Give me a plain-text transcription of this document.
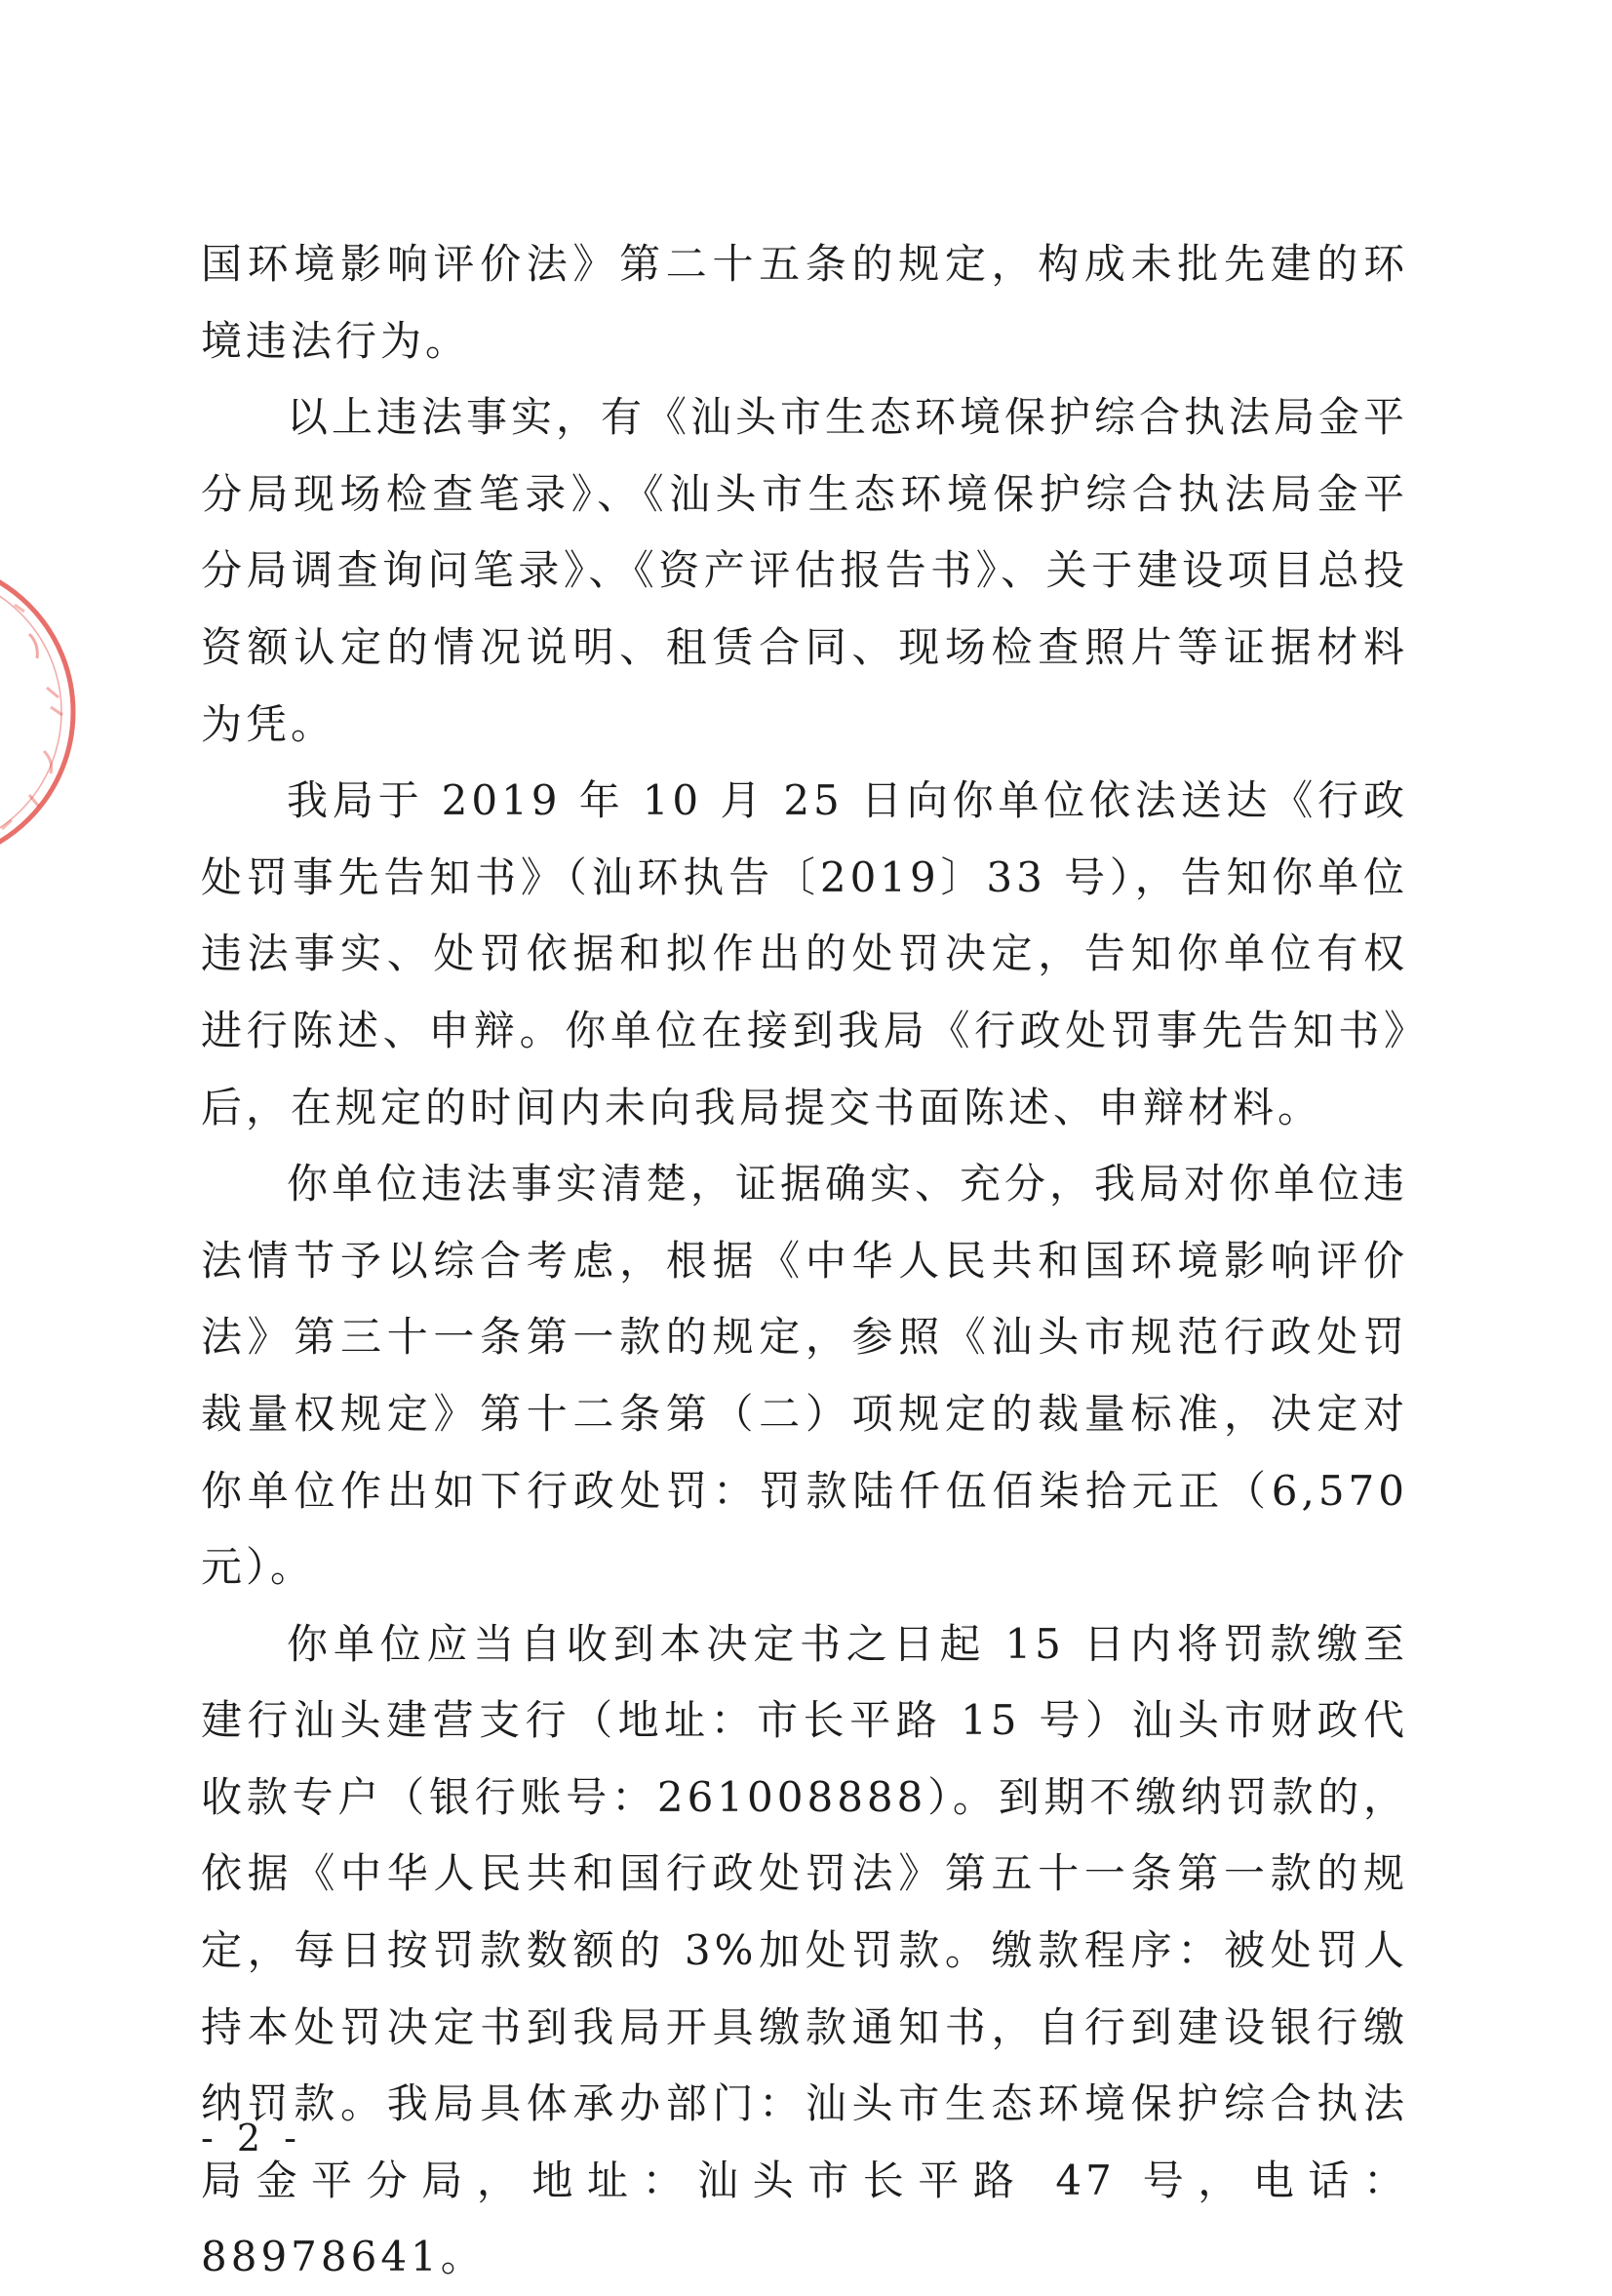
国环境影响评价法》第二十五条的规定，构成未批先建的环境违法行为。

以上违法事实，有《汕头市生态环境保护综合执法局金平分局现场检查笔录》、《汕头市生态环境保护综合执法局金平分局调查询问笔录》、《资产评估报告书》、关于建设项目总投资额认定的情况说明、租赁合同、现场检查照片等证据材料为凭。

我局于 2019 年 10 月 25 日向你单位依法送达《行政处罚事先告知书》（汕环执告〔2019〕33 号），告知你单位违法事实、处罚依据和拟作出的处罚决定，告知你单位有权进行陈述、申辩。你单位在接到我局《行政处罚事先告知书》后，在规定的时间内未向我局提交书面陈述、申辩材料。

你单位违法事实清楚，证据确实、充分，我局对你单位违法情节予以综合考虑，根据《中华人民共和国环境影响评价法》第三十一条第一款的规定，参照《汕头市规范行政处罚裁量权规定》第十二条第（二）项规定的裁量标准，决定对你单位作出如下行政处罚：罚款陆仟伍佰柒拾元正（6,570 元）。

你单位应当自收到本决定书之日起 15 日内将罚款缴至建行汕头建营支行（地址：市长平路 15 号）汕头市财政代收款专户（银行账号：261008888）。到期不缴纳罚款的，依据《中华人民共和国行政处罚法》第五十一条第一款的规定，每日按罚款数额的 3%加处罚款。缴款程序：被处罚人持本处罚决定书到我局开具缴款通知书，自行到建设银行缴纳罚款。我局具体承办部门：汕头市生态环境保护综合执法局金平分局，地址：汕头市长平路 47 号，电话：88978641。

- 2 -
